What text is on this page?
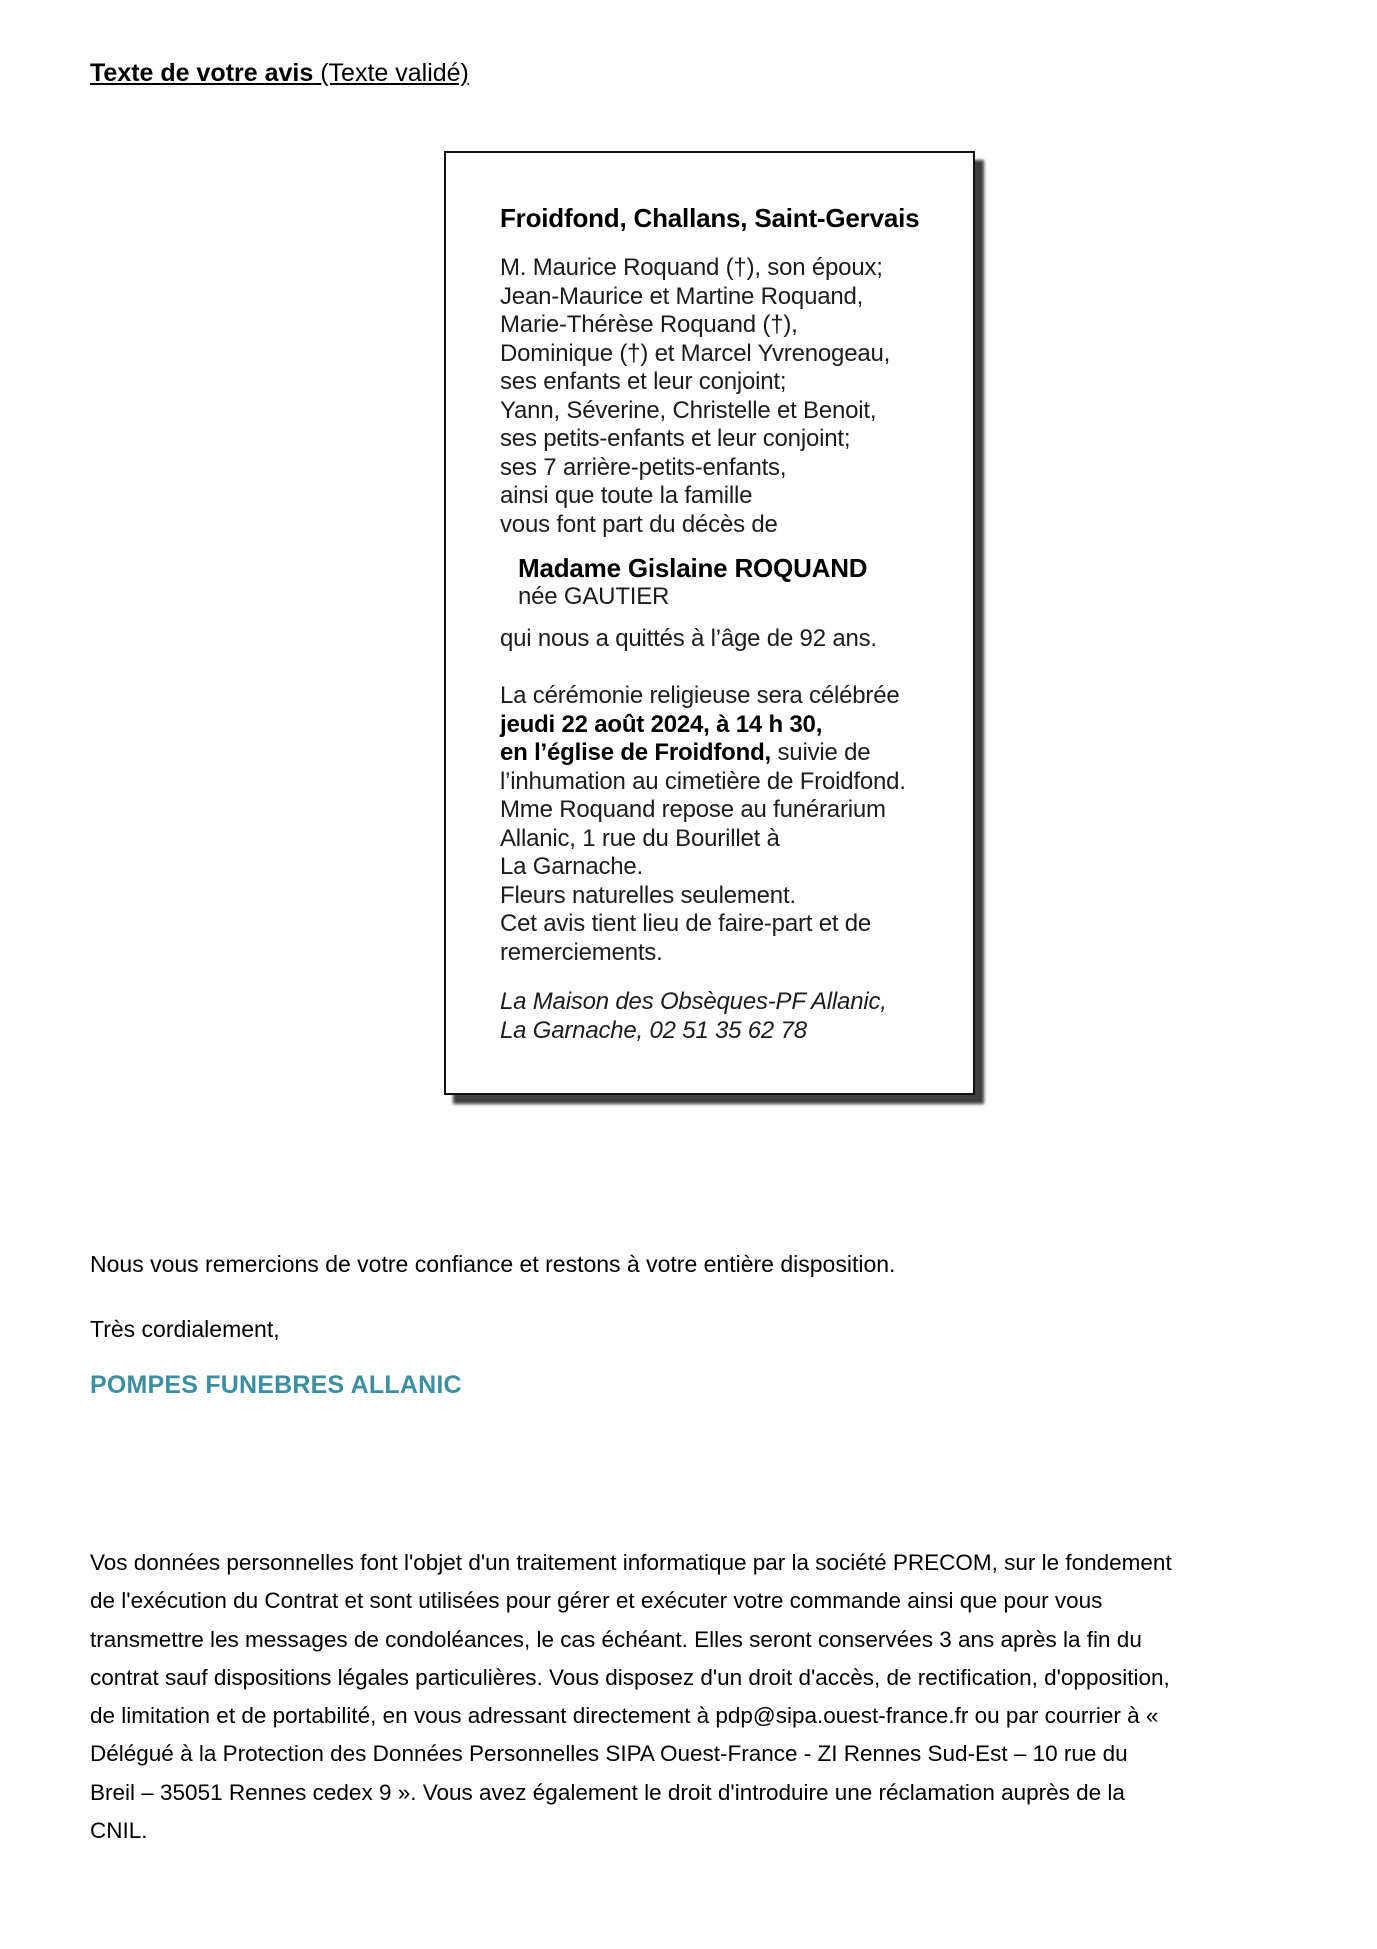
Texte de votre avis (Texte validé)
Froidfond, Challans, Saint-Gervais
M. Maurice Roquand (†), son époux;
Jean-Maurice et Martine Roquand,
Marie-Thérèse Roquand (†),
Dominique (†) et Marcel Yvrenogeau,
ses enfants et leur conjoint;
Yann, Séverine, Christelle et Benoit,
ses petits-enfants et leur conjoint;
ses 7 arrière-petits-enfants,
ainsi que toute la famille
vous font part du décès de
Madame Gislaine ROQUAND
née GAUTIER
qui nous a quittés à l’âge de 92 ans.
La cérémonie religieuse sera célébrée
jeudi 22 août 2024, à 14 h 30,
en l’église de Froidfond, suivie de
l’inhumation au cimetière de Froidfond.
Mme Roquand repose au funérarium
Allanic, 1 rue du Bourillet à
La Garnache.
Fleurs naturelles seulement.
Cet avis tient lieu de faire-part et de
remerciements.
La Maison des Obsèques-PF Allanic,
La Garnache, 02 51 35 62 78
Nous vous remercions de votre confiance et restons à votre entière disposition.
Très cordialement,
POMPES FUNEBRES ALLANIC
Vos données personnelles font l'objet d'un traitement informatique par la société PRECOM, sur le fondement
de l'exécution du Contrat et sont utilisées pour gérer et exécuter votre commande ainsi que pour vous
transmettre les messages de condoléances, le cas échéant. Elles seront conservées 3 ans après la fin du
contrat sauf dispositions légales particulières. Vous disposez d'un droit d'accès, de rectification, d'opposition,
de limitation et de portabilité, en vous adressant directement à pdp@sipa.ouest-france.fr ou par courrier à «
Délégué à la Protection des Données Personnelles SIPA Ouest-France - ZI Rennes Sud-Est – 10 rue du
Breil – 35051 Rennes cedex 9 ». Vous avez également le droit d'introduire une réclamation auprès de la
CNIL.
